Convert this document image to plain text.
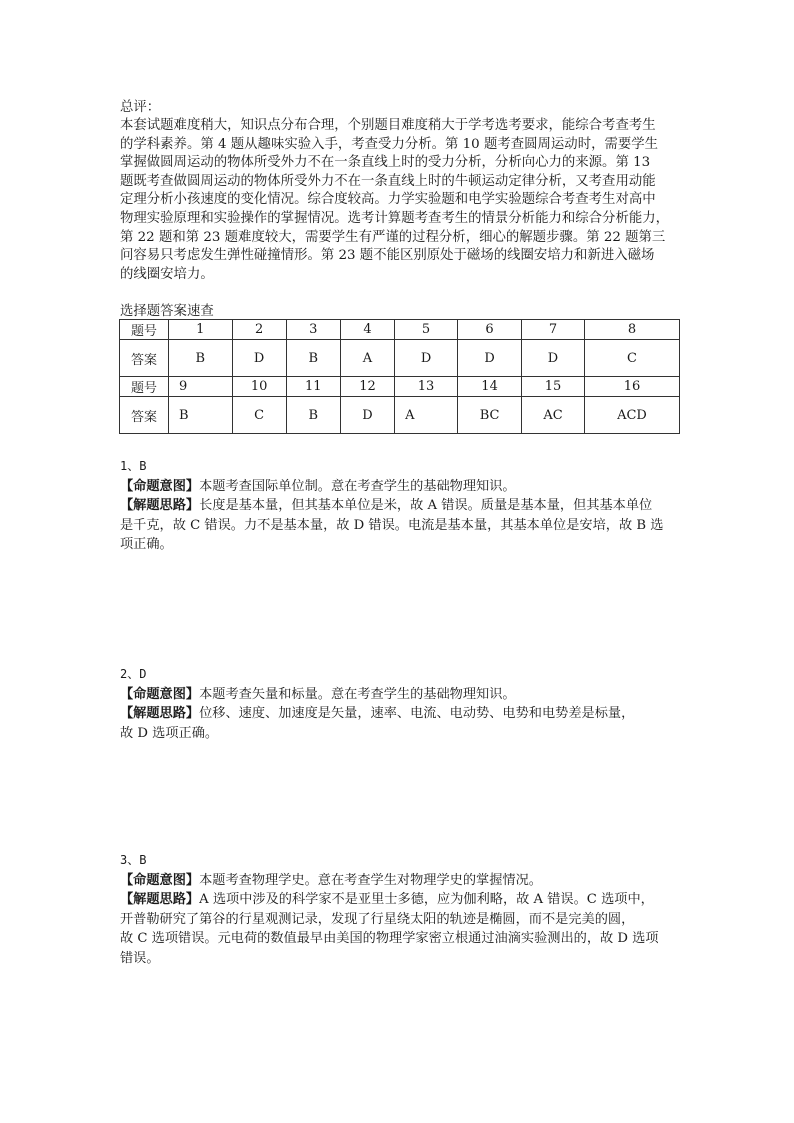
总评：
本套试题难度稍大，知识点分布合理，个别题目难度稍大于学考选考要求，能综合考查考生
的学科素养。第 4 题从趣味实验入手，考查受力分析。第 10 题考查圆周运动时，需要学生
掌握做圆周运动的物体所受外力不在一条直线上时的受力分析，分析向心力的来源。第 13
题既考查做圆周运动的物体所受外力不在一条直线上时的牛顿运动定律分析，又考查用动能
定理分析小孩速度的变化情况。综合度较高。力学实验题和电学实验题综合考查考生对高中
物理实验原理和实验操作的掌握情况。选考计算题考查考生的情景分析能力和综合分析能力，
第 22 题和第 23 题难度较大，需要学生有严谨的过程分析，细心的解题步骤。第 22 题第三
问容易只考虑发生弹性碰撞情形。第 23 题不能区别原处于磁场的线圈安培力和新进入磁场
的线圈安培力。
选择题答案速查
题号	1	2	3	4	5	6	7	8
答案	B	D	B	A	D	D	D	C
题号	9	10	11	12	13	14	15	16
答案	B	C	B	D	A	BC	AC	ACD
1、B
【命题意图】本题考查国际单位制。意在考查学生的基础物理知识。
【解题思路】长度是基本量，但其基本单位是米，故 A 错误。质量是基本量，但其基本单位
是千克，故 C 错误。力不是基本量，故 D 错误。电流是基本量，其基本单位是安培，故 B 选
项正确。
2、D
【命题意图】本题考查矢量和标量。意在考查学生的基础物理知识。
【解题思路】位移、速度、加速度是矢量，速率、电流、电动势、电势和电势差是标量，
故 D 选项正确。
3、B
【命题意图】本题考查物理学史。意在考查学生对物理学史的掌握情况。
【解题思路】A 选项中涉及的科学家不是亚里士多德，应为伽利略，故 A 错误。C 选项中，
开普勒研究了第谷的行星观测记录，发现了行星绕太阳的轨迹是椭圆，而不是完美的圆，
故 C 选项错误。元电荷的数值最早由美国的物理学家密立根通过油滴实验测出的，故 D 选项
错误。
